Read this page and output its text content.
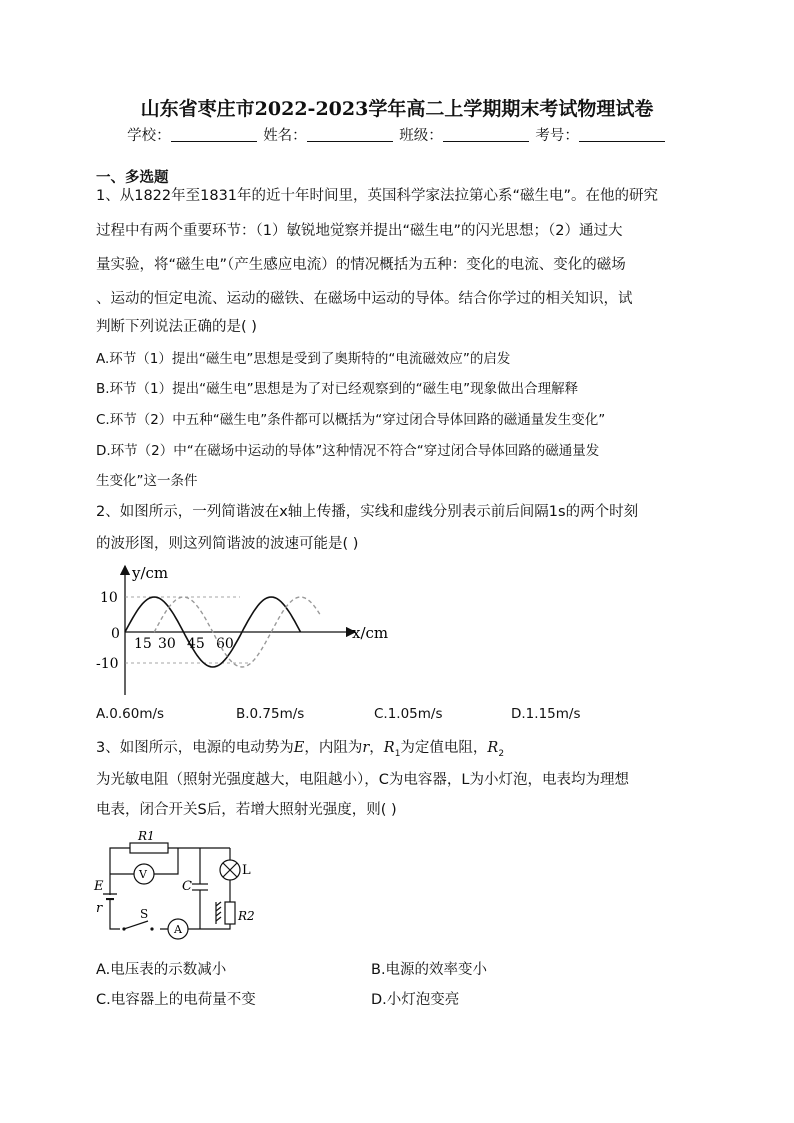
山东省枣庄市2022-2023学年高二上学期期末考试物理试卷
学校：	姓名：	班级：	考号：
一、多选题
1、从1822年至1831年的近十年时间里，英国科学家法拉第心系“磁生电”。在他的研究
过程中有两个重要环节：（1）敏锐地觉察并提出“磁生电”的闪光思想；（2）通过大
量实验，将“磁生电”（产生感应电流）的情况概括为五种：变化的电流、变化的磁场
、运动的恒定电流、运动的磁铁、在磁场中运动的导体。结合你学过的相关知识，试
判断下列说法正确的是( )
A.环节（1）提出“磁生电”思想是受到了奥斯特的“电流磁效应”的启发
B.环节（1）提出“磁生电”思想是为了对已经观察到的“磁生电”现象做出合理解释
C.环节（2）中五种“磁生电”条件都可以概括为“穿过闭合导体回路的磁通量发生变化”
D.环节（2）中“在磁场中运动的导体”这种情况不符合“穿过闭合导体回路的磁通量发
生变化”这一条件
2、如图所示，一列简谐波在x轴上传播，实线和虚线分别表示前后间隔1s的两个时刻
的波形图，则这列简谐波的波速可能是( )
y/cm
x/cm
10
0
-10
15 30 45 60
A.0.60m/s	B.0.75m/s	C.1.05m/s	D.1.15m/s
3、如图所示，电源的电动势为E，内阻为r，$R_1$为定值电阻，$R_2$
为光敏电阻（照射光强度越大，电阻越小），C为电容器，L为小灯泡，电表均为理想
电表，闭合开关S后，若增大照射光强度，则( )
R1
V
C
L
E
r	S
A
R2
A.电压表的示数减小	B.电源的效率变小
C.电容器上的电荷量不变	D.小灯泡变亮
